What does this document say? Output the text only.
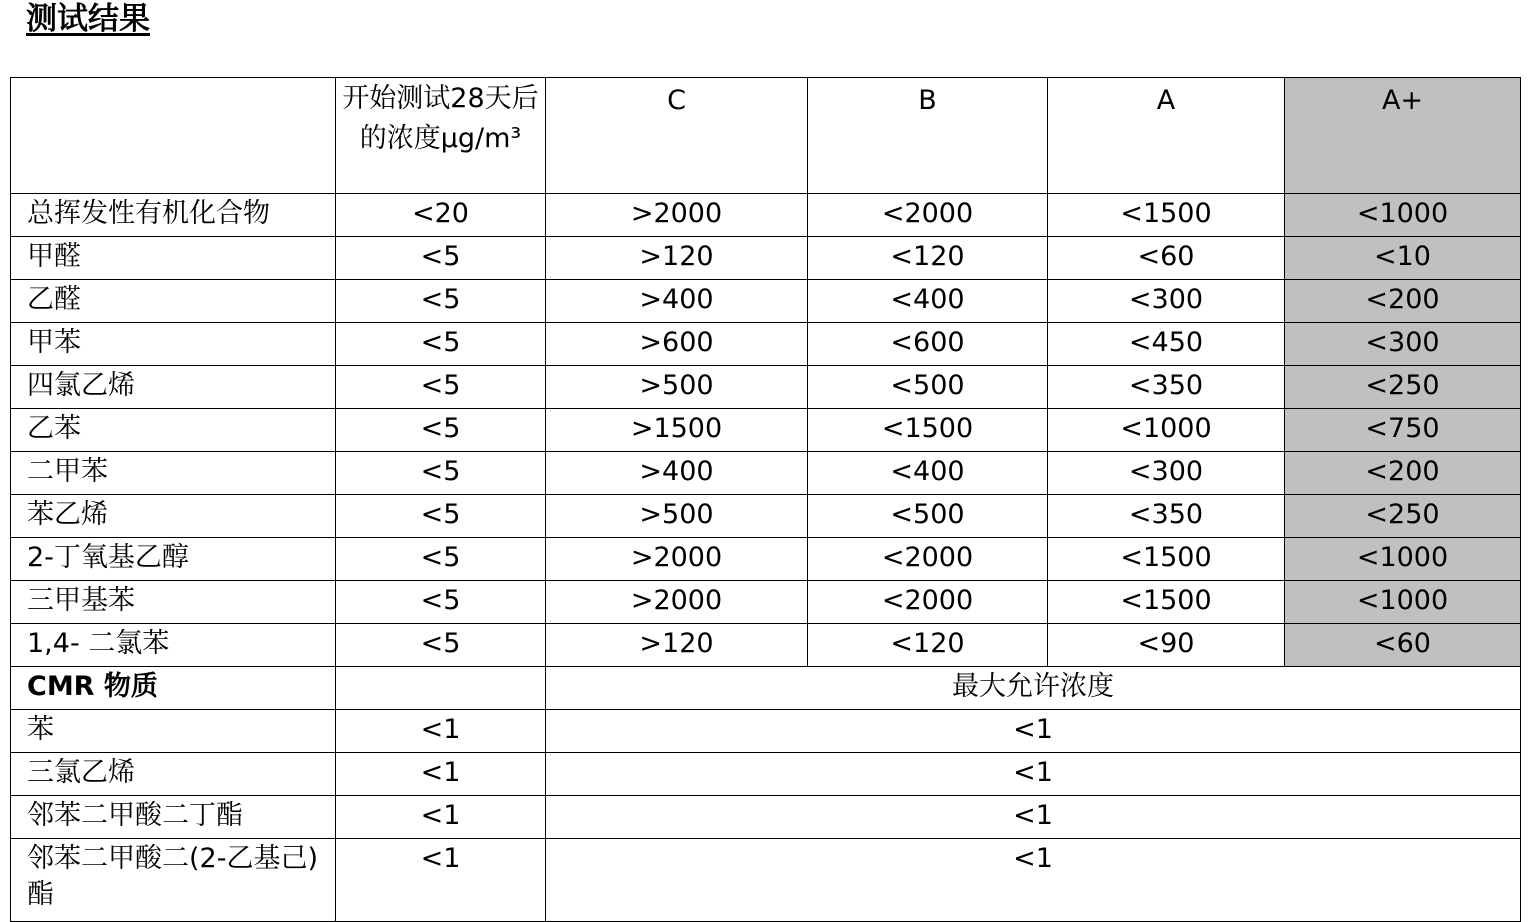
测试结果
	开始测试28天后的浓度μg/m³	C	B	A	A+
总挥发性有机化合物	<20	>2000	<2000	<1500	<1000
甲醛	<5	>120	<120	<60	<10
乙醛	<5	>400	<400	<300	<200
甲苯	<5	>600	<600	<450	<300
四氯乙烯	<5	>500	<500	<350	<250
乙苯	<5	>1500	<1500	<1000	<750
二甲苯	<5	>400	<400	<300	<200
苯乙烯	<5	>500	<500	<350	<250
2-丁氧基乙醇	<5	>2000	<2000	<1500	<1000
三甲基苯	<5	>2000	<2000	<1500	<1000
1,4- 二氯苯	<5	>120	<120	<90	<60
CMR 物质		最大允许浓度			
苯	<1	<1			
三氯乙烯	<1	<1			
邻苯二甲酸二丁酯	<1	<1			
邻苯二甲酸二(2-乙基己)酯	<1	<1			
